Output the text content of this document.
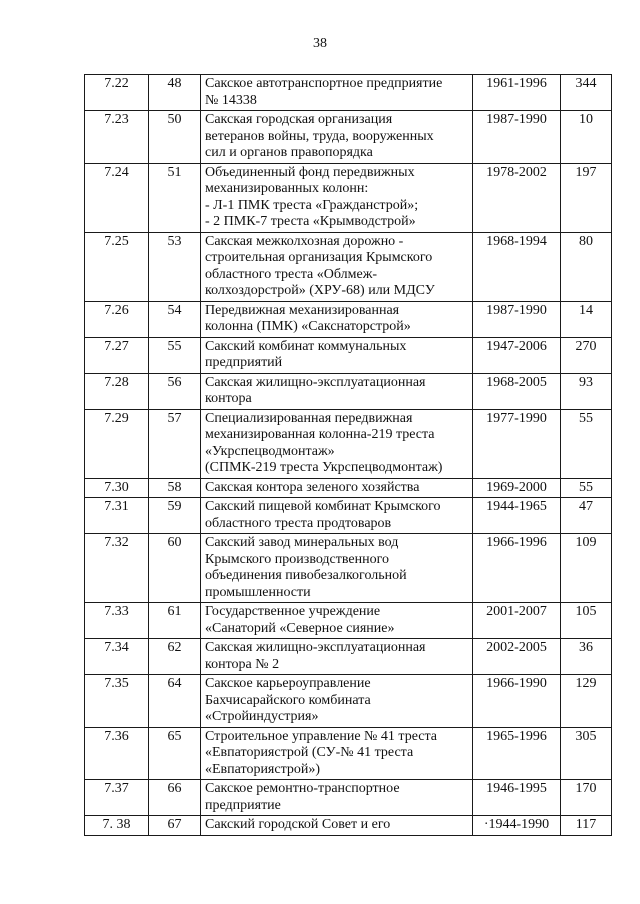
38
7.22	48	Сакское автотранспортное предприятие
№ 14338	1961-1996	344
7.23	50	Сакская городская организация
ветеранов войны, труда, вооруженных
сил и органов правопорядка	1987-1990	10
7.24	51	Объединенный фонд передвижных
механизированных колонн:
- Л-1 ПМК треста «Гражданстрой»;
- 2 ПМК-7 треста «Крымводстрой»	1978-2002	197
7.25	53	Сакская межколхозная дорожно -
строительная организация Крымского
областного треста «Облмеж-
колхоздорстрой» (ХРУ-68) или МДСУ	1968-1994	80
7.26	54	Передвижная механизированная
колонна (ПМК) «Сакснаторстрой»	1987-1990	14
7.27	55	Сакский комбинат коммунальных
предприятий	1947-2006	270
7.28	56	Сакская жилищно-эксплуатационная
контора	1968-2005	93
7.29	57	Специализированная передвижная
механизированная колонна-219 треста
«Укрспецводмонтаж»
(СПМК-219 треста Укрспецводмонтаж)	1977-1990	55
7.30	58	Сакская контора зеленого хозяйства	1969-2000	55
7.31	59	Сакский пищевой комбинат Крымского
областного треста продтоваров	1944-1965	47
7.32	60	Сакский завод минеральных вод
Крымского производственного
объединения пивобезалкогольной
промышленности	1966-1996	109
7.33	61	Государственное учреждение
«Санаторий «Северное сияние»	2001-2007	105
7.34	62	Сакская жилищно-эксплуатационная
контора № 2	2002-2005	36
7.35	64	Сакское карьероуправление
Бахчисарайского комбината
«Стройиндустрия»	1966-1990	129
7.36	65	Строительное управление № 41 треста
«Евпаториястрой (СУ-№ 41 треста
«Евпаториястрой»)	1965-1996	305
7.37	66	Сакское ремонтно-транспортное
предприятие	1946-1995	170
7. 38	67	Сакский городской Совет и его	·1944-1990	117
